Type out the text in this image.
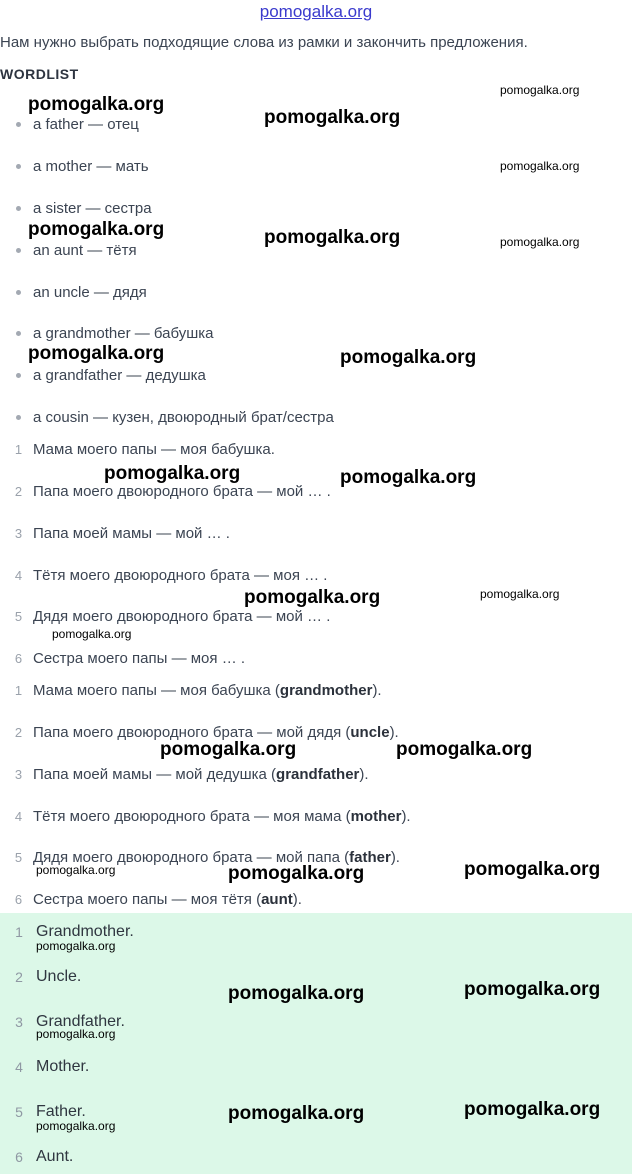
pomogalka.org
Нам нужно выбрать подходящие слова из рамки и закончить предложения.
WORDLIST
a father — отец
a mother — мать
a sister — сестра
an aunt — тётя
an uncle — дядя
a grandmother — бабушка
a grandfather — дедушка
a cousin — кузен, двоюродный брат/сестра
1 Мама моего папы — моя бабушка.
2 Папа моего двоюродного брата — мой … .
3 Папа моей мамы — мой … .
4 Тётя моего двоюродного брата — моя … .
5 Дядя моего двоюродного брата — мой … .
6 Сестра моего папы — моя … .
1 Мама моего папы — моя бабушка (grandmother).
2 Папа моего двоюродного брата — мой дядя (uncle).
3 Папа моей мамы — мой дедушка (grandfather).
4 Тётя моего двоюродного брата — моя мама (mother).
5 Дядя моего двоюродного брата — мой папа (father).
6 Сестра моего папы — моя тётя (aunt).
1 Grandmother.
2 Uncle.
3 Grandfather.
4 Mother.
5 Father.
6 Aunt.
pomogalka.org
pomogalka.org
pomogalka.org
pomogalka.org
pomogalka.org	pomogalka.org	pomogalka.org
pomogalka.org	pomogalka.org
pomogalka.org	pomogalka.org
pomogalka.org	pomogalka.org
pomogalka.org
pomogalka.org	pomogalka.org
pomogalka.org	pomogalka.org	pomogalka.org
pomogalka.org
pomogalka.org	pomogalka.org
pomogalka.org
pomogalka.org	pomogalka.org
pomogalka.org
